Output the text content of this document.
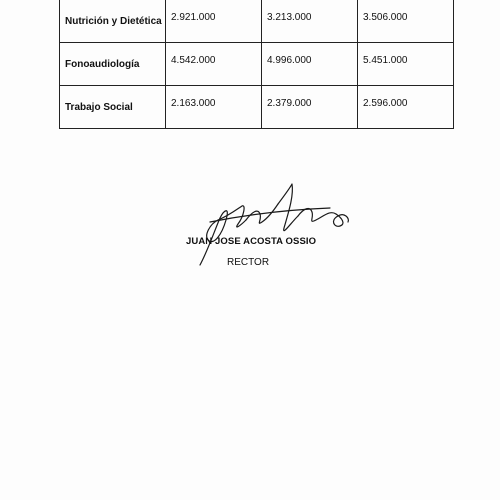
Nutrición y Dietética	2.921.000	3.213.000	3.506.000
Fonoaudiología	4.542.000	4.996.000	5.451.000
Trabajo Social	2.163.000	2.379.000	2.596.000
JUAN JOSE ACOSTA OSSIO
RECTOR
